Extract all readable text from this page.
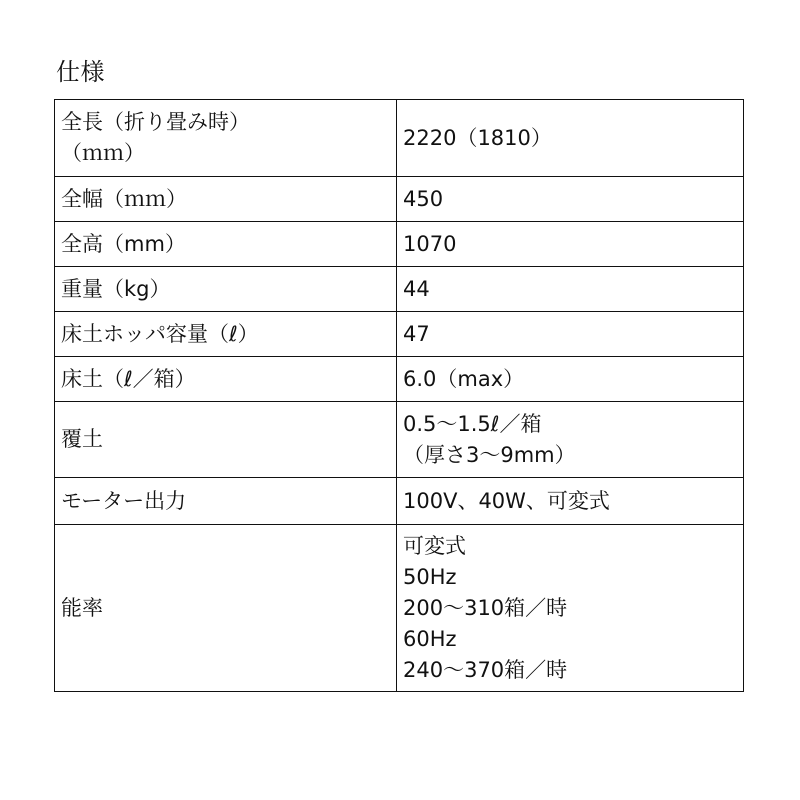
仕様
全長（折り畳み時）
（ｍｍ）	2220（1810）
全幅（ｍｍ）	450
全高（mm）	1070
重量（kg）	44
床土ホッパ容量（ℓ）	47
床土（ℓ／箱）	6.0（max）
覆土	0.5～1.5ℓ／箱
（厚さ3～9mm）
モーター出力	100V、40W、可変式
能率	可変式
50Hz
200～310箱／時
60Hz
240～370箱／時
